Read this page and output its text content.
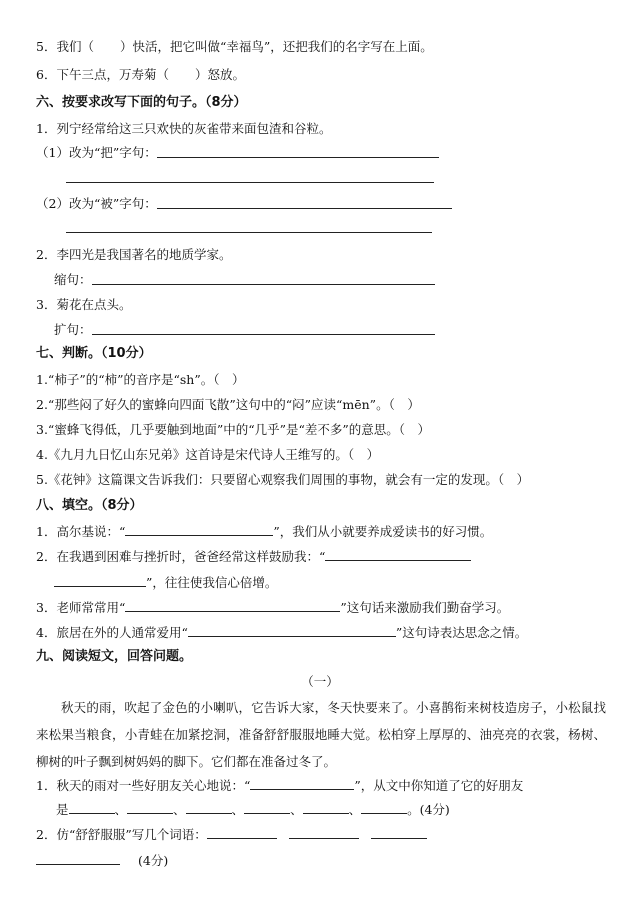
5．我们（ ）快活，把它叫做“幸福鸟”，还把我们的名字写在上面。
6．下午三点，万寿菊（ ）怒放。
六、按要求改写下面的句子。（8分）
1．列宁经常给这三只欢快的灰雀带来面包渣和谷粒。
（1）改为“把”字句：
（2）改为“被”字句：
2．李四光是我国著名的地质学家。
缩句：
3．菊花在点头。
扩句：
七、判断。（10分）
1.“柿子”的“柿”的音序是“sh”。（　）
2.“那些闷了好久的蜜蜂向四面飞散”这句中的“闷”应读“mēn”。（　）
3.“蜜蜂飞得低，几乎要触到地面”中的“几乎”是“差不多”的意思。（　）
4.《九月九日忆山东兄弟》这首诗是宋代诗人王维写的。（　）
5.《花钟》这篇课文告诉我们：只要留心观察我们周围的事物，就会有一定的发现。（　）
八、填空。（8分）
1．高尔基说：“	”，我们从小就要养成爱读书的好习惯。
2．在我遇到困难与挫折时，爸爸经常这样鼓励我：“
”，往往使我信心倍增。
3．老师常常用“	”这句话来激励我们勤奋学习。
4．旅居在外的人通常爱用“	”这句诗表达思念之情。
九、阅读短文，回答问题。
（一）
秋天的雨，吹起了金色的小喇叭，它告诉大家，冬天快要来了。小喜鹊衔来树枝造房子，小松鼠找来松果当粮食，小青蛙在加紧挖洞，准备舒舒服服地睡大觉。松柏穿上厚厚的、油亮亮的衣裳，杨树、柳树的叶子飘到树妈妈的脚下。它们都在准备过冬了。
1．秋天的雨对一些好朋友关心地说：“	”，从文中你知道了它的好朋友
是	、	、	、	、	、	。(4分)
2．仿“舒舒服服”写几个词语：
(4分)
